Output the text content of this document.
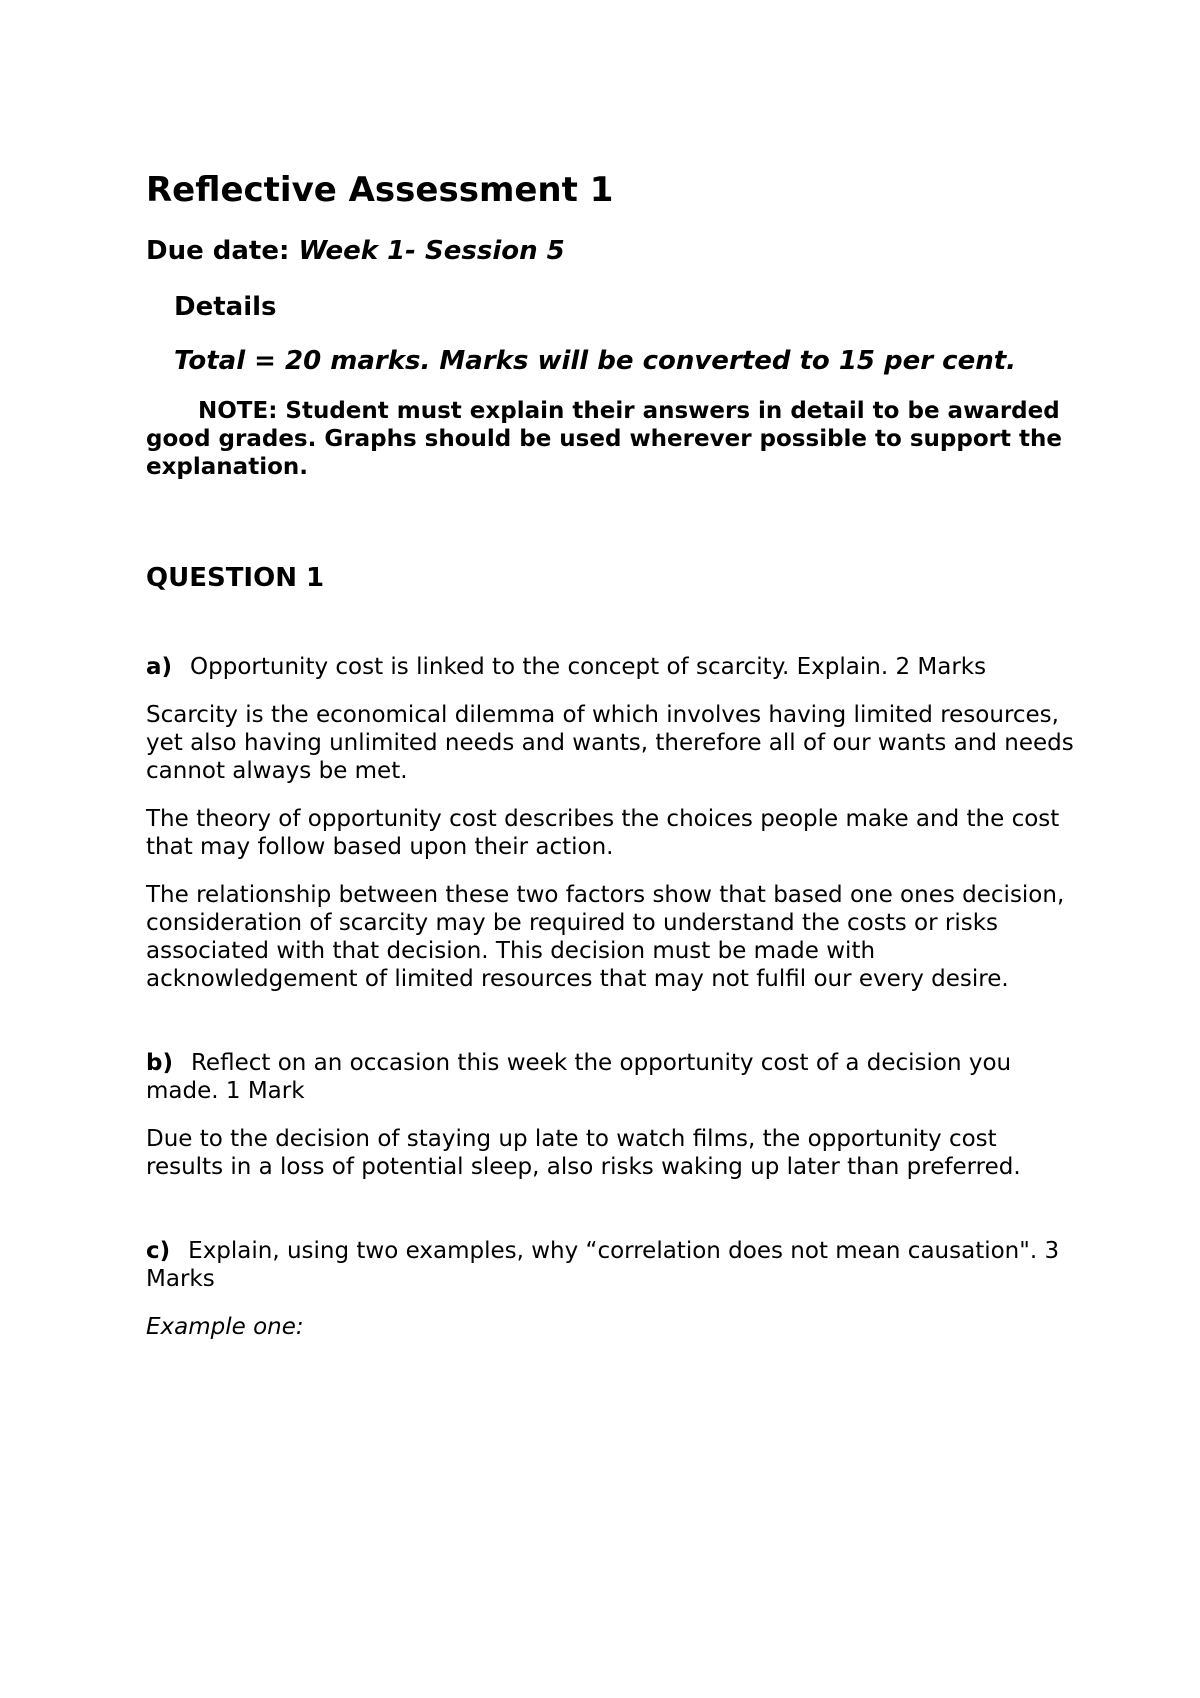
Reflective Assessment 1
Due date: Week 1- Session 5
Details
Total = 20 marks. Marks will be converted to 15 per cent.
NOTE: Student must explain their answers in detail to be awarded good grades. Graphs should be used wherever possible to support the explanation.
QUESTION 1
a) Opportunity cost is linked to the concept of scarcity. Explain. 2 Marks
Scarcity is the economical dilemma of which involves having limited resources, yet also having unlimited needs and wants, therefore all of our wants and needs cannot always be met.
The theory of opportunity cost describes the choices people make and the cost that may follow based upon their action.
The relationship between these two factors show that based one ones decision, consideration of scarcity may be required to understand the costs or risks associated with that decision. This decision must be made with acknowledgement of limited resources that may not fulfil our every desire.
b) Reflect on an occasion this week the opportunity cost of a decision you made. 1 Mark
Due to the decision of staying up late to watch films, the opportunity cost results in a loss of potential sleep, also risks waking up later than preferred.
c) Explain, using two examples, why “correlation does not mean causation". 3 Marks
Example one:
